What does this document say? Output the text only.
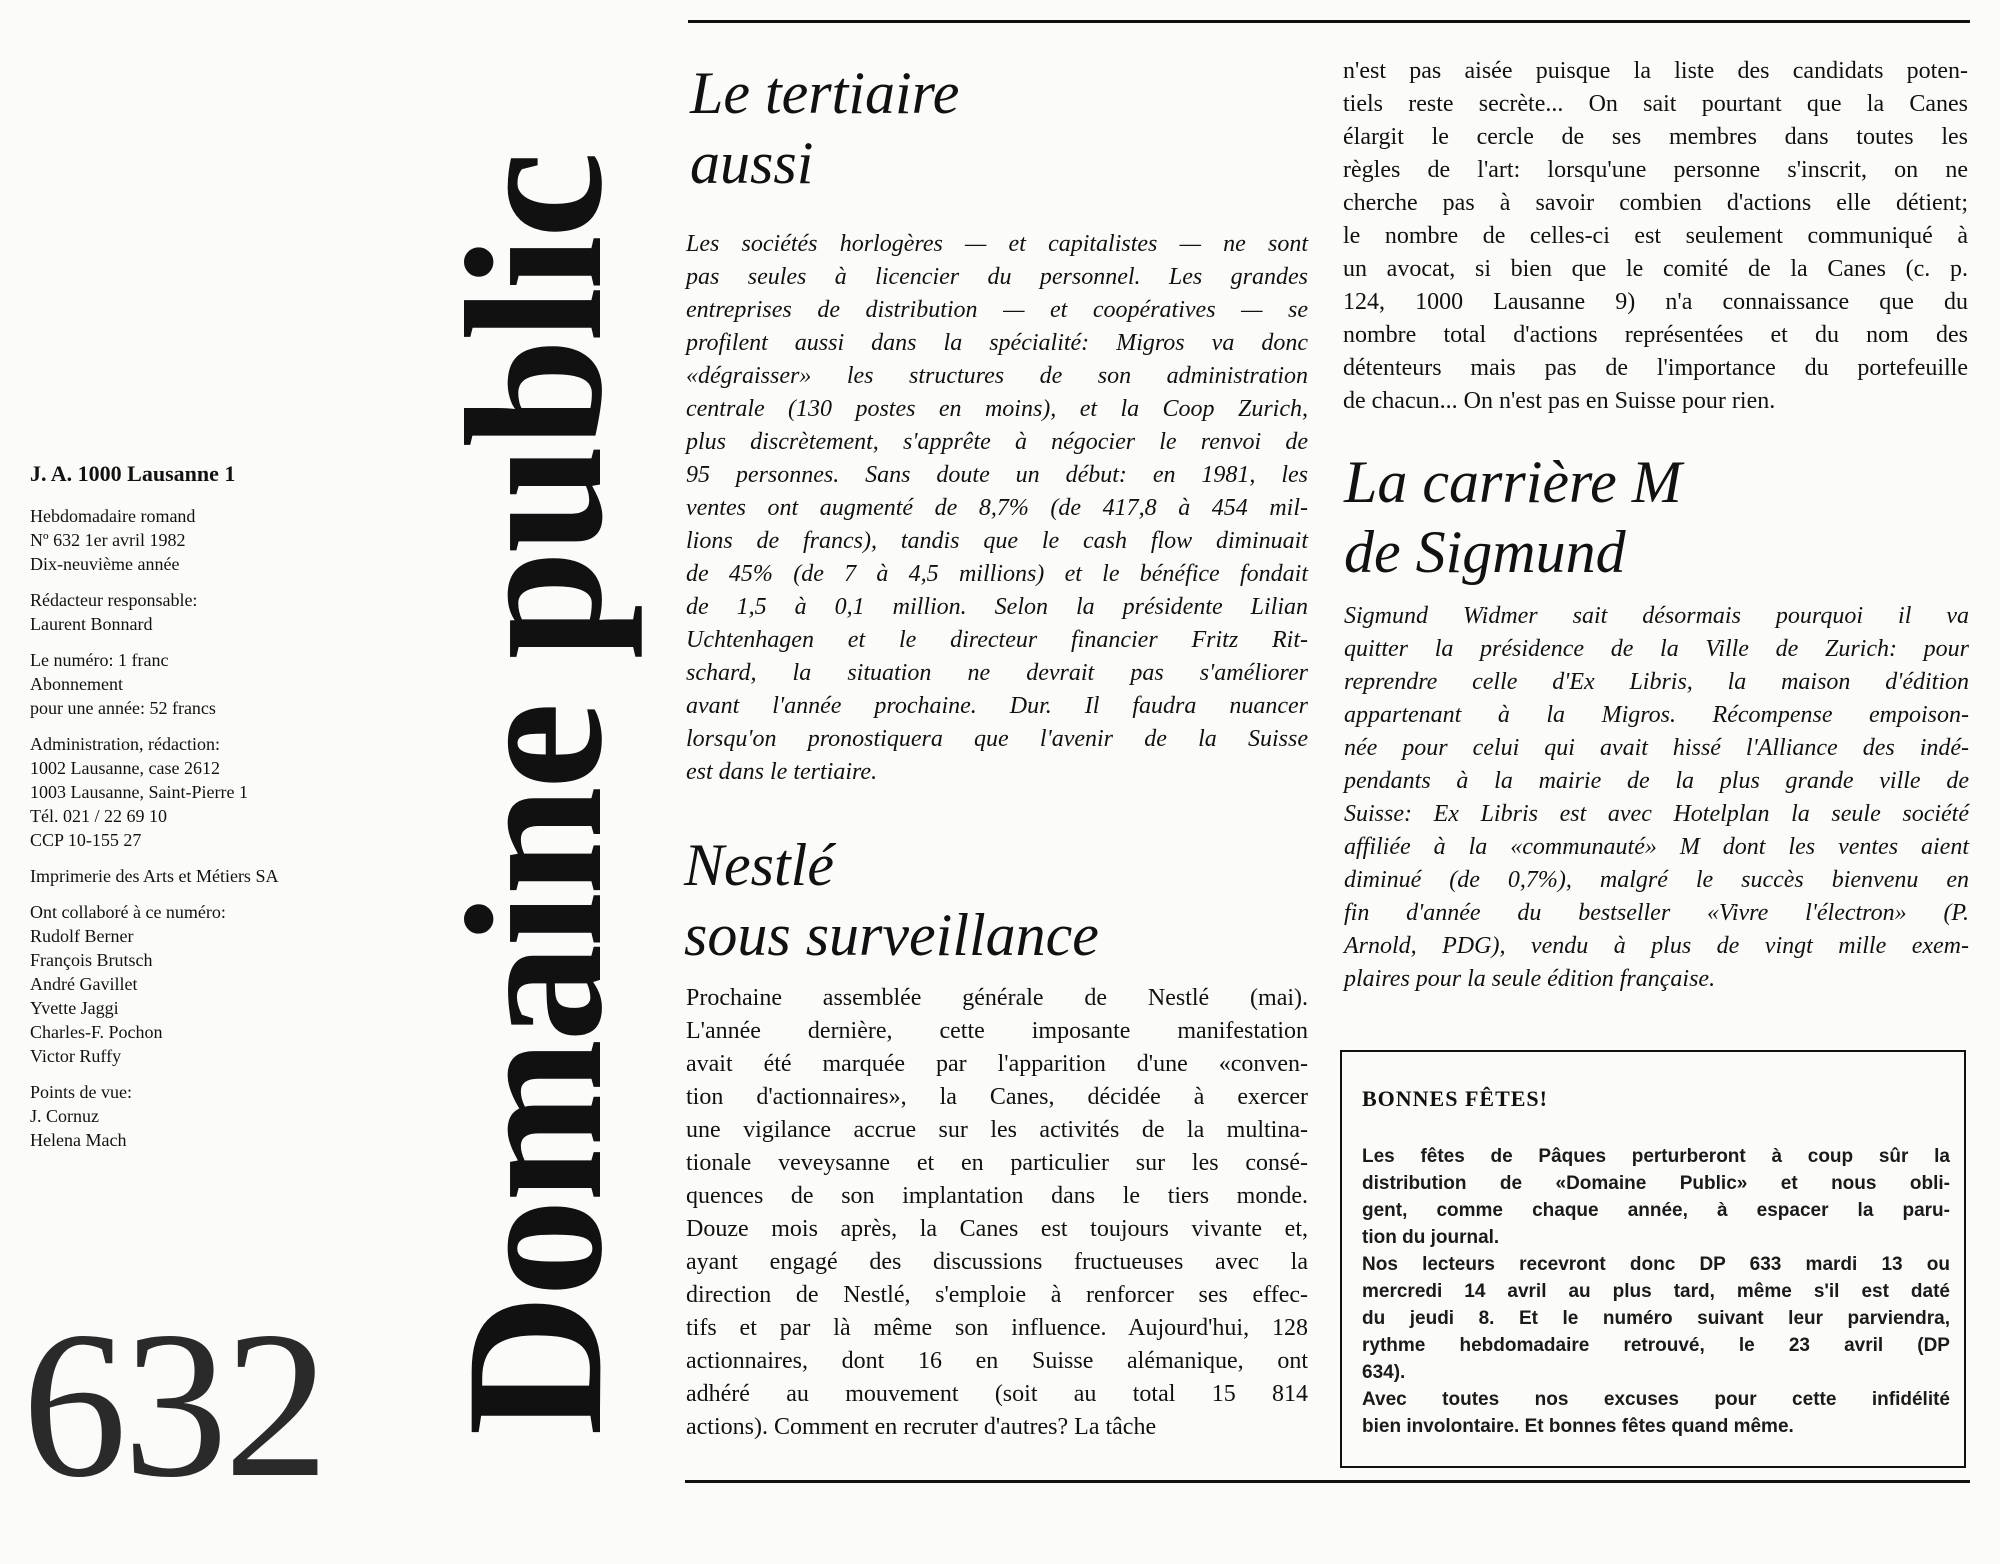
J. A. 1000 Lausanne 1
Hebdomadaire romand
Nº 632 1er avril 1982
Dix-neuvième année
Rédacteur responsable:
Laurent Bonnard
Le numéro: 1 franc
Abonnement
pour une année: 52 francs
Administration, rédaction:
1002 Lausanne, case 2612
1003 Lausanne, Saint-Pierre 1
Tél. 021 / 22 69 10
CCP 10-155 27
Imprimerie des Arts et Métiers SA
Ont collaboré à ce numéro:
Rudolf Berner
François Brutsch
André Gavillet
Yvette Jaggi
Charles-F. Pochon
Victor Ruffy
Points de vue:
J. Cornuz
Helena Mach
632 Domaine public
Le tertiaire
aussi
Les sociétés horlogères — et capitalistes — ne sont
pas seules à licencier du personnel. Les grandes
entreprises de distribution — et coopératives — se
profilent aussi dans la spécialité: Migros va donc
«dégraisser» les structures de son administration
centrale (130 postes en moins), et la Coop Zurich,
plus discrètement, s'apprête à négocier le renvoi de
95 personnes. Sans doute un début: en 1981, les
ventes ont augmenté de 8,7% (de 417,8 à 454 mil-
lions de francs), tandis que le cash flow diminuait
de 45% (de 7 à 4,5 millions) et le bénéfice fondait
de 1,5 à 0,1 million. Selon la présidente Lilian
Uchtenhagen et le directeur financier Fritz Rit-
schard, la situation ne devrait pas s'améliorer
avant l'année prochaine. Dur. Il faudra nuancer
lorsqu'on pronostiquera que l'avenir de la Suisse
est dans le tertiaire.
Nestlé
sous surveillance
Prochaine assemblée générale de Nestlé (mai).
L'année dernière, cette imposante manifestation
avait été marquée par l'apparition d'une «conven-
tion d'actionnaires», la Canes, décidée à exercer
une vigilance accrue sur les activités de la multina-
tionale veveysanne et en particulier sur les consé-
quences de son implantation dans le tiers monde.
Douze mois après, la Canes est toujours vivante et,
ayant engagé des discussions fructueuses avec la
direction de Nestlé, s'emploie à renforcer ses effec-
tifs et par là même son influence. Aujourd'hui, 128
actionnaires, dont 16 en Suisse alémanique, ont
adhéré au mouvement (soit au total 15 814
actions). Comment en recruter d'autres? La tâche
n'est pas aisée puisque la liste des candidats poten-
tiels reste secrète... On sait pourtant que la Canes
élargit le cercle de ses membres dans toutes les
règles de l'art: lorsqu'une personne s'inscrit, on ne
cherche pas à savoir combien d'actions elle détient;
le nombre de celles-ci est seulement communiqué à
un avocat, si bien que le comité de la Canes (c. p.
124, 1000 Lausanne 9) n'a connaissance que du
nombre total d'actions représentées et du nom des
détenteurs mais pas de l'importance du portefeuille
de chacun... On n'est pas en Suisse pour rien.
La carrière M
de Sigmund
Sigmund Widmer sait désormais pourquoi il va
quitter la présidence de la Ville de Zurich: pour
reprendre celle d'Ex Libris, la maison d'édition
appartenant à la Migros. Récompense empoison-
née pour celui qui avait hissé l'Alliance des indé-
pendants à la mairie de la plus grande ville de
Suisse: Ex Libris est avec Hotelplan la seule société
affiliée à la «communauté» M dont les ventes aient
diminué (de 0,7%), malgré le succès bienvenu en
fin d'année du bestseller «Vivre l'électron» (P.
Arnold, PDG), vendu à plus de vingt mille exem-
plaires pour la seule édition française.
BONNES FÊTES!
Les fêtes de Pâques perturberont à coup sûr la
distribution de «Domaine Public» et nous obli-
gent, comme chaque année, à espacer la paru-
tion du journal.
Nos lecteurs recevront donc DP 633 mardi 13 ou
mercredi 14 avril au plus tard, même s'il est daté
du jeudi 8. Et le numéro suivant leur parviendra,
rythme hebdomadaire retrouvé, le 23 avril (DP
634).
Avec toutes nos excuses pour cette infidélité
bien involontaire. Et bonnes fêtes quand même.
